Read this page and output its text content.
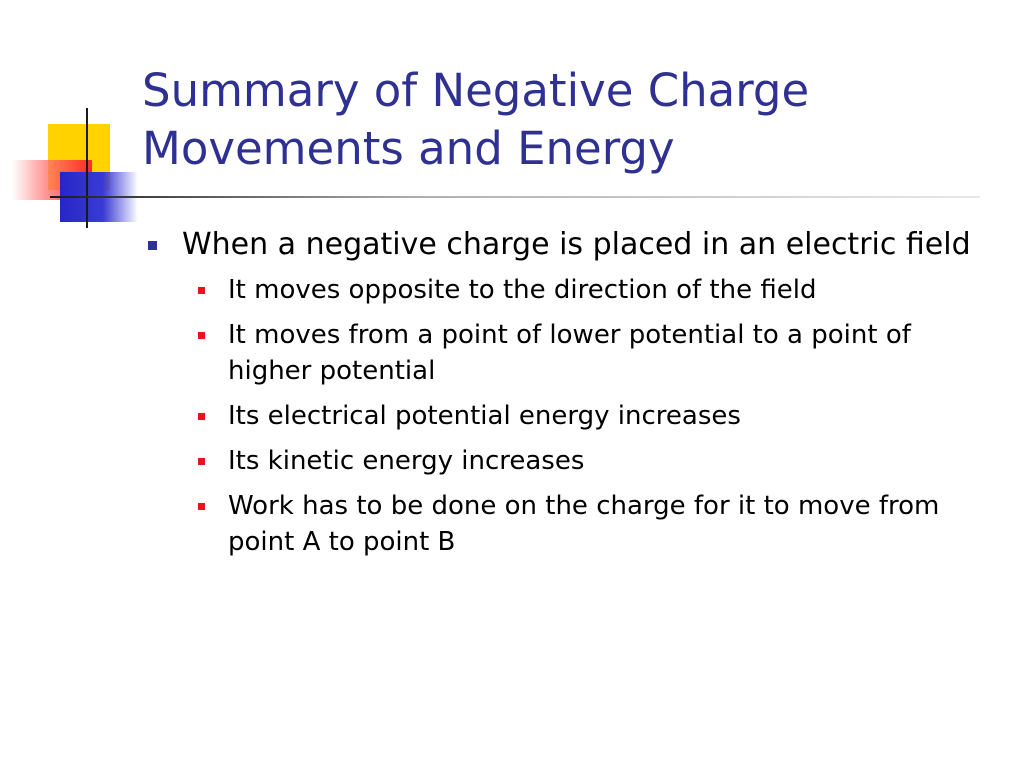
Summary of Negative Charge
Movements and Energy
When a negative charge is placed in an electric field
It moves opposite to the direction of the field
It moves from a point of lower potential to a point of higher potential
Its electrical potential energy increases
Its kinetic energy increases
Work has to be done on the charge for it to move from point A to point B
